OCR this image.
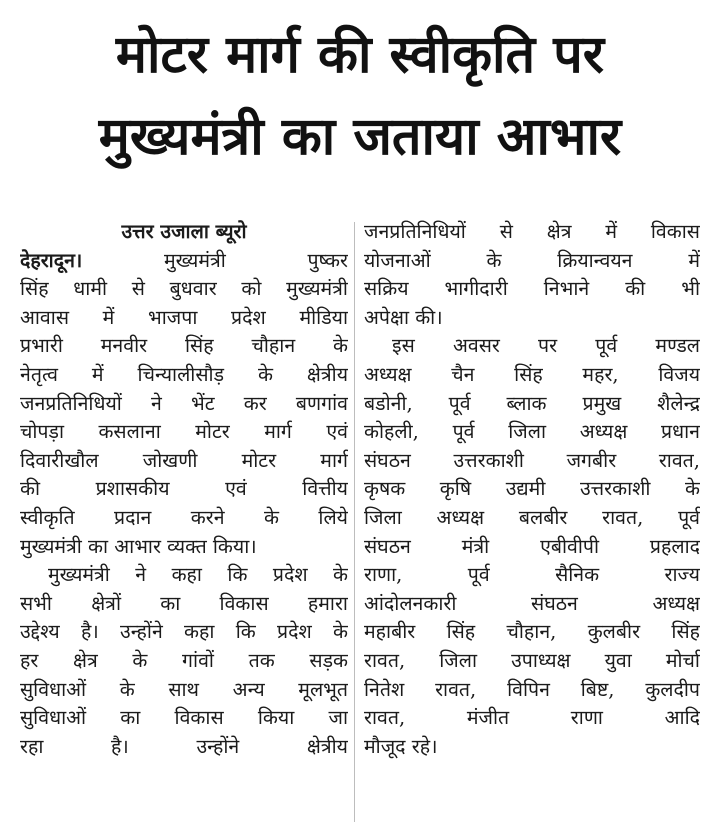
मोटर मार्ग की स्वीकृति पर
मुख्यमंत्री का जताया आभार
उत्तर उजाला ब्यूरो
देहरादून।	मुख्यमंत्री पुष्कर
सिंह धामी से बुधवार को मुख्यमंत्री
आवास में भाजपा प्रदेश मीडिया
प्रभारी मनवीर सिंह चौहान के
नेतृत्व में चिन्यालीसौड़ के क्षेत्रीय
जनप्रतिनिधियों ने भेंट कर बणगांव
चोपड़ा कसलाना मोटर मार्ग एवं
दिवारीखौल जोखणी मोटर मार्ग
की प्रशासकीय एवं वित्तीय
स्वीकृति प्रदान करने के लिये
मुख्यमंत्री का आभार व्यक्त किया।
मुख्यमंत्री ने कहा कि प्रदेश के
सभी क्षेत्रों का विकास हमारा
उद्देश्य है। उन्होंने कहा कि प्रदेश के
हर क्षेत्र के गांवों तक सड़क
सुविधाओं के साथ अन्य मूलभूत
सुविधाओं का विकास किया जा
रहा है। उन्होंने क्षेत्रीय
जनप्रतिनिधियों से क्षेत्र में विकास
योजनाओं के क्रियान्वयन में
सक्रिय भागीदारी निभाने की भी
अपेक्षा की।
इस अवसर पर पूर्व मण्डल
अध्यक्ष चैन सिंह महर, विजय
बडोनी, पूर्व ब्लाक प्रमुख शैलेन्द्र
कोहली, पूर्व जिला अध्यक्ष प्रधान
संघठन उत्तरकाशी जगबीर रावत,
कृषक कृषि उद्यमी उत्तरकाशी के
जिला अध्यक्ष बलबीर रावत, पूर्व
संघठन मंत्री एबीवीपी प्रहलाद
राणा, पूर्व सैनिक राज्य
आंदोलनकारी संघठन अध्यक्ष
महाबीर सिंह चौहान, कुलबीर सिंह
रावत, जिला उपाध्यक्ष युवा मोर्चा
नितेश रावत, विपिन बिष्ट, कुलदीप
रावत, मंजीत राणा आदि
मौजूद रहे।
